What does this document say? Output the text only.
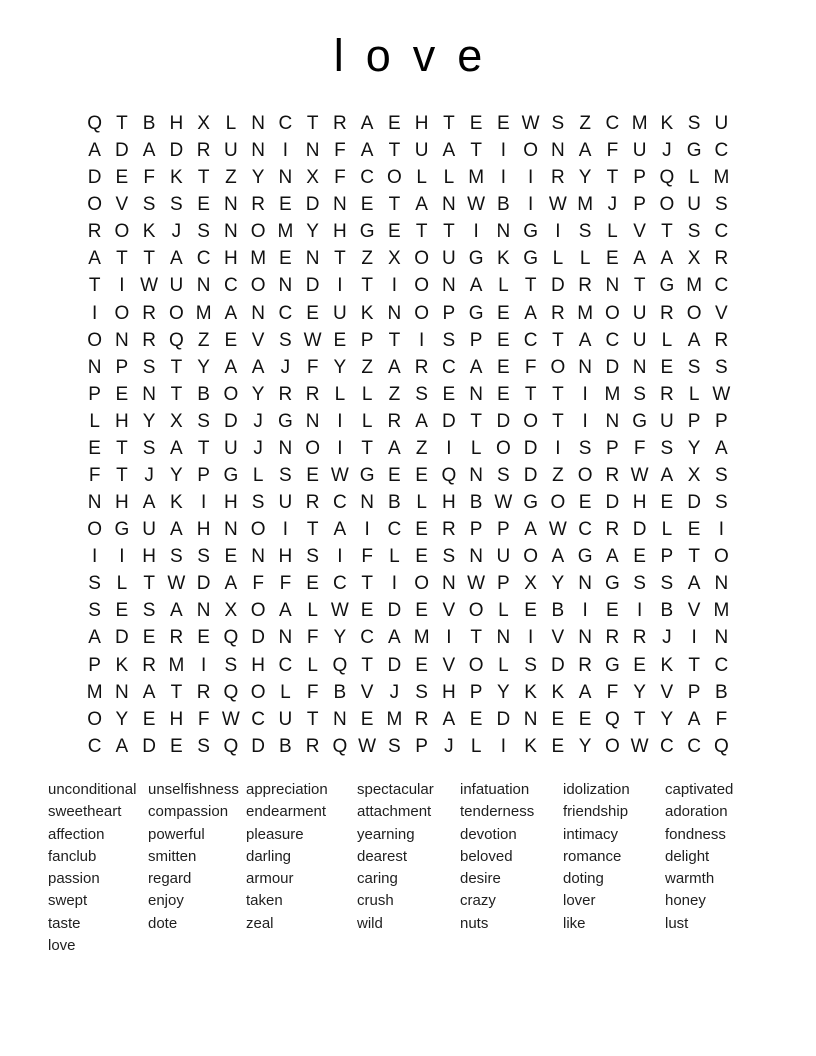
love
Q T B H X L N C T R A E H T E E W S Z C M K S U
A D A D R U N I N F A T U A T I O N A F U J G C
D E F K T Z Y N X F C O L L M I	I R Y T P Q L M
O V S S E N R E D N E T A N W B I W M J P O U S
R O K J S N O M Y H G E T T I N G I S L V T S C
A T T A C H M E N T Z X O U G K G L L E A A X R
T I W U N C O N D I T I O N A L T D R N T G M C
I O R O M A N C E U K N O P G E A R M O U R O V
O N R Q Z E V S W E P T I S P E C T A C U L A R
N P S T Y A A J F Y Z A R C A E F O N D N E S S
P E N T B O Y R R L L Z S E N E T T I M S R L W
L H Y X S D J G N I	L R A D T D O T I N G U P P
E T S A T U J N O I T A Z I	L O D I S P F S Y A
F T J Y P G L S E W G E E Q N S D Z O R W A X S
N H A K I H S U R C N B L H B W G O E D H E D S
O G U A H N O I T A I C E R P P A W C R D L E I
I	I H S S E N H S I F L E S N U O A G A E P T O
S L T W D A F F E C T I O N W P X Y N G S S A N
S E S A N X O A L W E D E V O L E B I E I B V M
A D E R E Q D N F Y C A M I T N I V N R R J	I N
P K R M I S H C L Q T D E V O L S D R G E K T C
M N A T R Q O L F B V J S H P Y K K A F Y V P B
O Y E H F W C U T N E M R A E D N E E Q T Y A F
C A D E S Q D B R Q W S P J L	I K E Y O W C C Q
unconditional
sweetheart
affection
fanclub
passion
swept
taste
love
unselfishness
compassion
powerful
smitten
regard
enjoy
dote
appreciation
endearment
pleasure
darling
armour
taken
zeal
spectacular
attachment
yearning
dearest
caring
crush
wild
infatuation
tenderness
devotion
beloved
desire
crazy
nuts
idolization
friendship
intimacy
romance
doting
lover
like
captivated
adoration
fondness
delight
warmth
honey
lust
